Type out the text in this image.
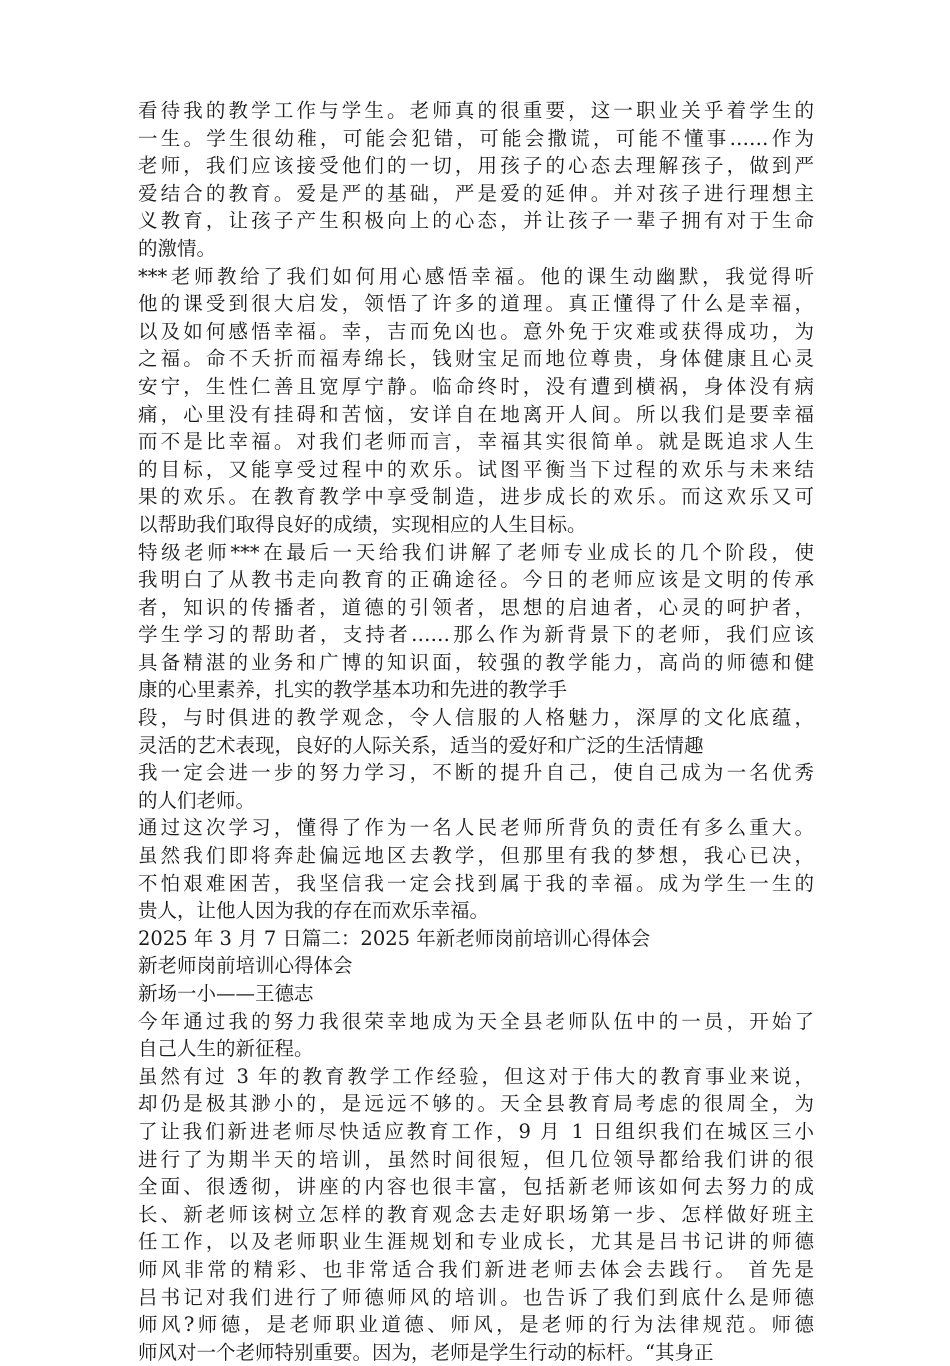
看待我的教学工作与学生。老师真的很重要，这一职业关乎着学生的
一生。学生很幼稚，可能会犯错，可能会撒谎，可能不懂事……作为
老师，我们应该接受他们的一切，用孩子的心态去理解孩子，做到严
爱结合的教育。爱是严的基础，严是爱的延伸。并对孩子进行理想主
义教育，让孩子产生积极向上的心态，并让孩子一辈子拥有对于生命
的激情。
***老师教给了我们如何用心感悟幸福。他的课生动幽默，我觉得听
他的课受到很大启发，领悟了许多的道理。真正懂得了什么是幸福，
以及如何感悟幸福。幸，吉而免凶也。意外免于灾难或获得成功，为
之福。命不夭折而福寿绵长，钱财宝足而地位尊贵，身体健康且心灵
安宁，生性仁善且宽厚宁静。临命终时，没有遭到横祸，身体没有病
痛，心里没有挂碍和苦恼，安详自在地离开人间。所以我们是要幸福
而不是比幸福。对我们老师而言，幸福其实很简单。就是既追求人生
的目标，又能享受过程中的欢乐。试图平衡当下过程的欢乐与未来结
果的欢乐。在教育教学中享受制造，进步成长的欢乐。而这欢乐又可
以帮助我们取得良好的成绩，实现相应的人生目标。
特级老师***在最后一天给我们讲解了老师专业成长的几个阶段，使
我明白了从教书走向教育的正确途径。今日的老师应该是文明的传承
者，知识的传播者，道德的引领者，思想的启迪者，心灵的呵护者，
学生学习的帮助者，支持者……那么作为新背景下的老师，我们应该
具备精湛的业务和广博的知识面，较强的教学能力，高尚的师德和健
康的心里素养，扎实的教学基本功和先进的教学手
段，与时俱进的教学观念，令人信服的人格魅力，深厚的文化底蕴，
灵活的艺术表现，良好的人际关系，适当的爱好和广泛的生活情趣
我一定会进一步的努力学习，不断的提升自己，使自己成为一名优秀
的人们老师。
通过这次学习，懂得了作为一名人民老师所背负的责任有多么重大。
虽然我们即将奔赴偏远地区去教学，但那里有我的梦想，我心已决，
不怕艰难困苦，我坚信我一定会找到属于我的幸福。成为学生一生的
贵人，让他人因为我的存在而欢乐幸福。
2025 年 3 月 7 日篇二：2025 年新老师岗前培训心得体会
新老师岗前培训心得体会
新场一小——王德志
今年通过我的努力我很荣幸地成为天全县老师队伍中的一员，开始了
自己人生的新征程。
虽然有过 3 年的教育教学工作经验，但这对于伟大的教育事业来说，
却仍是极其渺小的，是远远不够的。天全县教育局考虑的很周全，为
了让我们新进老师尽快适应教育工作，9 月 1 日组织我们在城区三小
进行了为期半天的培训，虽然时间很短，但几位领导都给我们讲的很
全面、很透彻，讲座的内容也很丰富，包括新老师该如何去努力的成
长、新老师该树立怎样的教育观念去走好职场第一步、怎样做好班主
任工作，以及老师职业生涯规划和专业成长，尤其是吕书记讲的师德
师风非常的精彩、也非常适合我们新进老师去体会去践行。 首先是
吕书记对我们进行了师德师风的培训。也告诉了我们到底什么是师德
师风?师德，是老师职业道德、师风，是老师的行为法律规范。师德
师风对一个老师特别重要。因为，老师是学生行动的标杆。“其身正
